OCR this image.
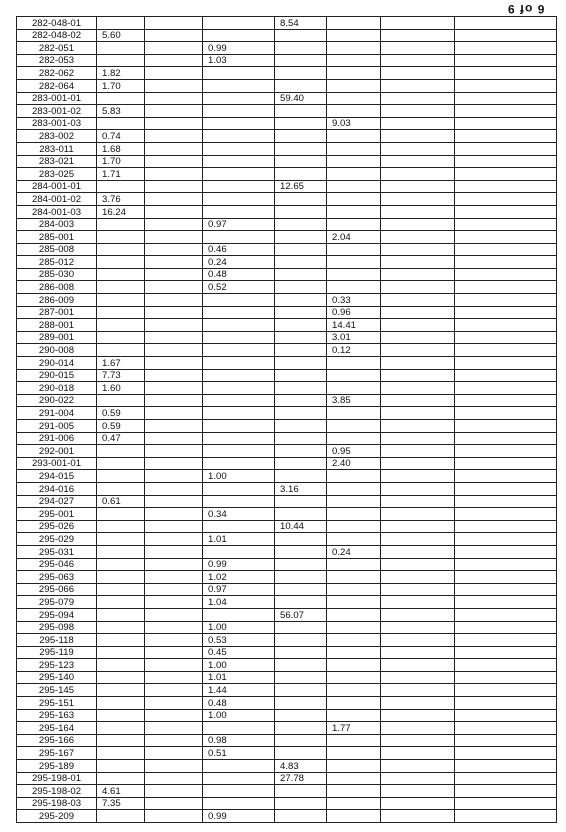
6 of 9
282-048-01				8.54			
282-048-02	5.60						
282-051			0.99				
282-053			1.03				
282-062	1.82						
282-064	1.70						
283-001-01				59.40			
283-001-02	5.83						
283-001-03					9.03		
283-002	0.74						
283-011	1.68						
283-021	1.70						
283-025	1.71						
284-001-01				12.65			
284-001-02	3.76						
284-001-03	16.24						
284-003			0.97				
285-001					2.04		
285-008			0.46				
285-012			0.24				
285-030			0.48				
286-008			0.52				
286-009					0.33		
287-001					0.96		
288-001					14.41		
289-001					3.01		
290-008					0.12		
290-014	1.67						
290-015	7.73						
290-018	1.60						
290-022					3.85		
291-004	0.59						
291-005	0.59						
291-006	0.47						
292-001					0.95		
293-001-01					2.40		
294-015			1.00				
294-016				3.16			
294-027	0.61						
295-001			0.34				
295-026				10.44			
295-029			1.01				
295-031					0.24		
295-046			0.99				
295-063			1.02				
295-066			0.97				
295-079			1.04				
295-094				56.07			
295-098			1.00				
295-118			0.53				
295-119			0.45				
295-123			1.00				
295-140			1.01				
295-145			1.44				
295-151			0.48				
295-163			1.00				
295-164					1.77		
295-166			0.98				
295-167			0.51				
295-189				4.83			
295-198-01				27.78			
295-198-02	4.61						
295-198-03	7.35						
295-209			0.99				
